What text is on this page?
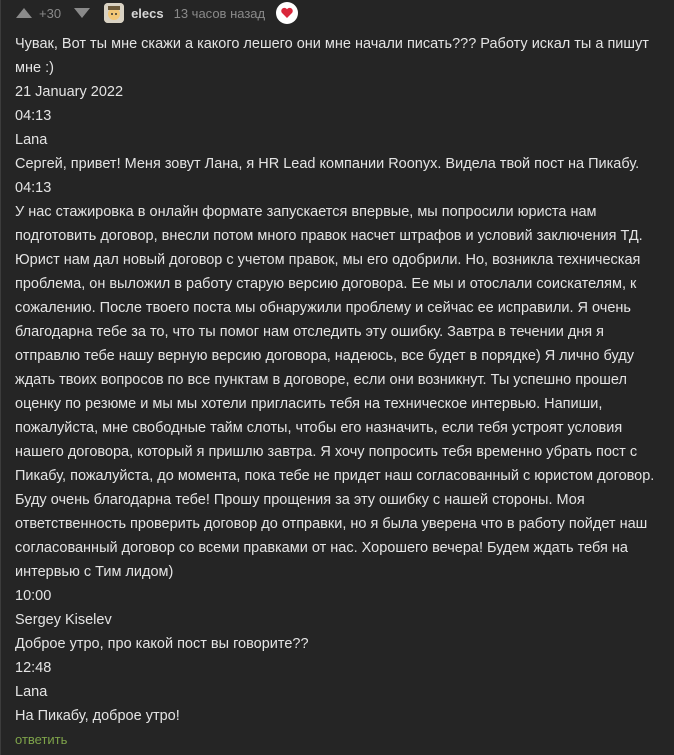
+30	elecs 13 часов назад

Чувак, Вот ты мне скажи а какого лешего они мне начали писать??? Работу искал ты а пишут мне :)

21 January 2022

04:13

Lana

Сергей, привет! Меня зовут Лана, я HR Lead компании Roonyx. Видела твой пост на Пикабу.

04:13

У нас стажировка в онлайн формате запускается впервые, мы попросили юриста нам подготовить договор, внесли потом много правок насчет штрафов и условий заключения ТД. Юрист нам дал новый договор с учетом правок, мы его одобрили. Но, возникла техническая проблема, он выложил в работу старую версию договора. Ее мы и отослали соискателям, к сожалению. После твоего поста мы обнаружили проблему и сейчас ее исправили. Я очень благодарна тебе за то, что ты помог нам отследить эту ошибку. Завтра в течении дня я отправлю тебе нашу верную версию договора, надеюсь, все будет в порядке) Я лично буду ждать твоих вопросов по все пунктам в договоре, если они возникнут. Ты успешно прошел оценку по резюме и мы мы хотели пригласить тебя на техническое интервью. Напиши, пожалуйста, мне свободные тайм слоты, чтобы его назначить, если тебя устроят условия нашего договора, который я пришлю завтра. Я хочу попросить тебя временно убрать пост с Пикабу, пожалуйста, до момента, пока тебе не придет наш согласованный с юристом договор. Буду очень благодарна тебе! Прошу прощения за эту ошибку с нашей стороны. Моя ответственность проверить договор до отправки, но я была уверена что в работу пойдет наш согласованный договор со всеми правками от нас. Хорошего вечера! Будем ждать тебя на интервью с Тим лидом)

10:00

Sergey Kiselev

Доброе утро, про какой пост вы говорите??

12:48

Lana

На Пикабу, доброе утро!

ответить
